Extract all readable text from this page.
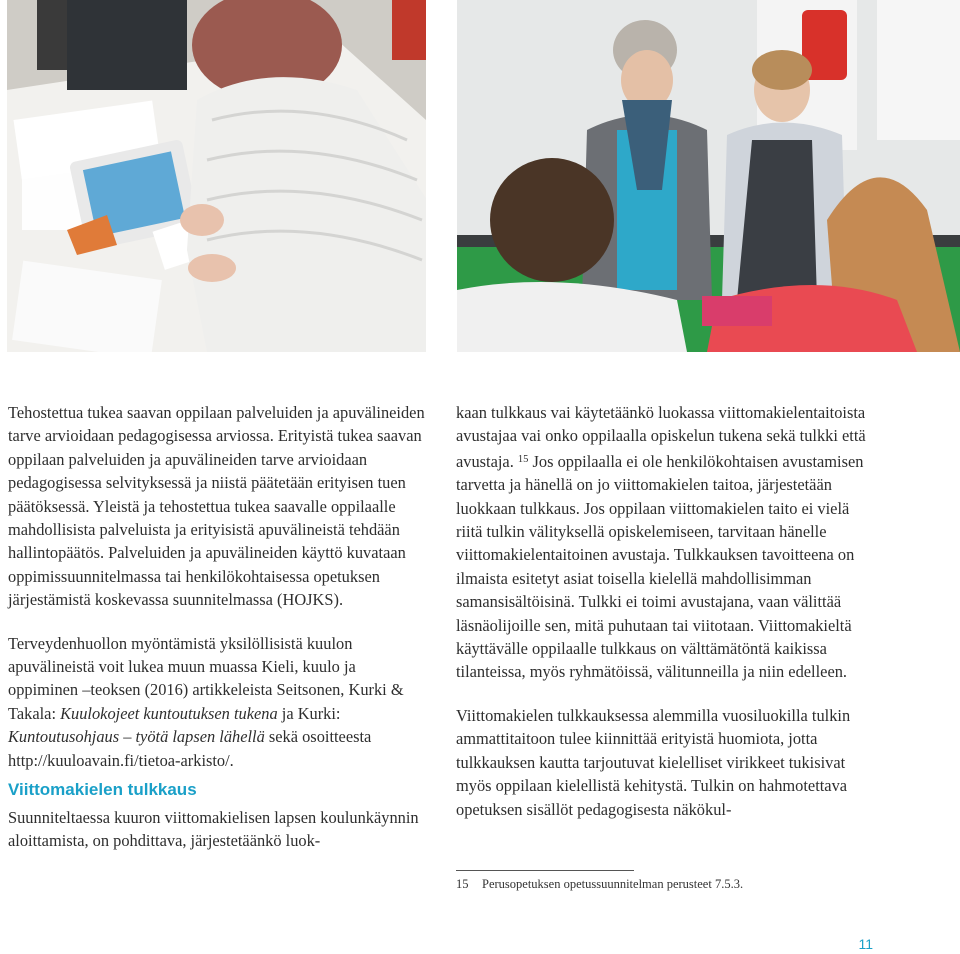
Tehostettua tukea saavan oppilaan palveluiden ja apuvälineiden tarve arvioidaan pedagogisessa arviossa. Erityistä tukea saavan oppilaan palveluiden ja apuvälineiden tarve arvioidaan pedagogisessa selvityksessä ja niistä päätetään erityisen tuen päätöksessä. Yleistä ja tehostettua tukea saavalle oppilaalle mahdollisista palveluista ja erityisistä apuvälineistä tehdään hallintopäätös. Palveluiden ja apuvälineiden käyttö kuvataan oppimissuunnitelmassa tai henkilökohtaisessa opetuksen järjestämistä koskevassa suunnitelmassa (HOJKS).

Terveydenhuollon myöntämistä yksilöllisistä kuulon apuvälineistä voit lukea muun muassa Kieli, kuulo ja oppiminen –teoksen (2016) artikkeleista Seitsonen, Kurki & Takala: Kuulokojeet kuntoutuksen tukena ja Kurki: Kuntoutusohjaus – työtä lapsen lähellä sekä osoitteesta http://kuuloavain.fi/tietoa-arkisto/.

Viittomakielen tulkkaus

Suunniteltaessa kuuron viittomakielisen lapsen koulunkäynnin aloittamista, on pohdittava, järjestetäänkö luok-

kaan tulkkaus vai käytetäänkö luokassa viittomakielentaitoista avustajaa vai onko oppilaalla opiskelun tukena sekä tulkki että avustaja. $^{15}$ Jos oppilaalla ei ole henkilökohtaisen avustamisen tarvetta ja hänellä on jo viittomakielen taitoa, järjestetään luokkaan tulkkaus. Jos oppilaan viittomakielen taito ei vielä riitä tulkin välityksellä opiskelemiseen, tarvitaan hänelle viittomakielentaitoinen avustaja. Tulkkauksen tavoitteena on ilmaista esitetyt asiat toisella kielellä mahdollisimman samansisältöisinä. Tulkki ei toimi avustajana, vaan välittää läsnäolijoille sen, mitä puhutaan tai viitotaan. Viittomakieltä käyttävälle oppilaalle tulkkaus on välttämätöntä kaikissa tilanteissa, myös ryhmätöissä, välitunneilla ja niin edelleen.

Viittomakielen tulkkauksessa alemmilla vuosiluokilla tulkin ammattitaitoon tulee kiinnittää erityistä huomiota, jotta tulkkauksen kautta tarjoutuvat kielelliset virikkeet tukisivat myös oppilaan kielellistä kehitystä. Tulkin on hahmotettava opetuksen sisällöt pedagogisesta näkökul-

15 Perusopetuksen opetussuunnitelman perusteet 7.5.3.
11
